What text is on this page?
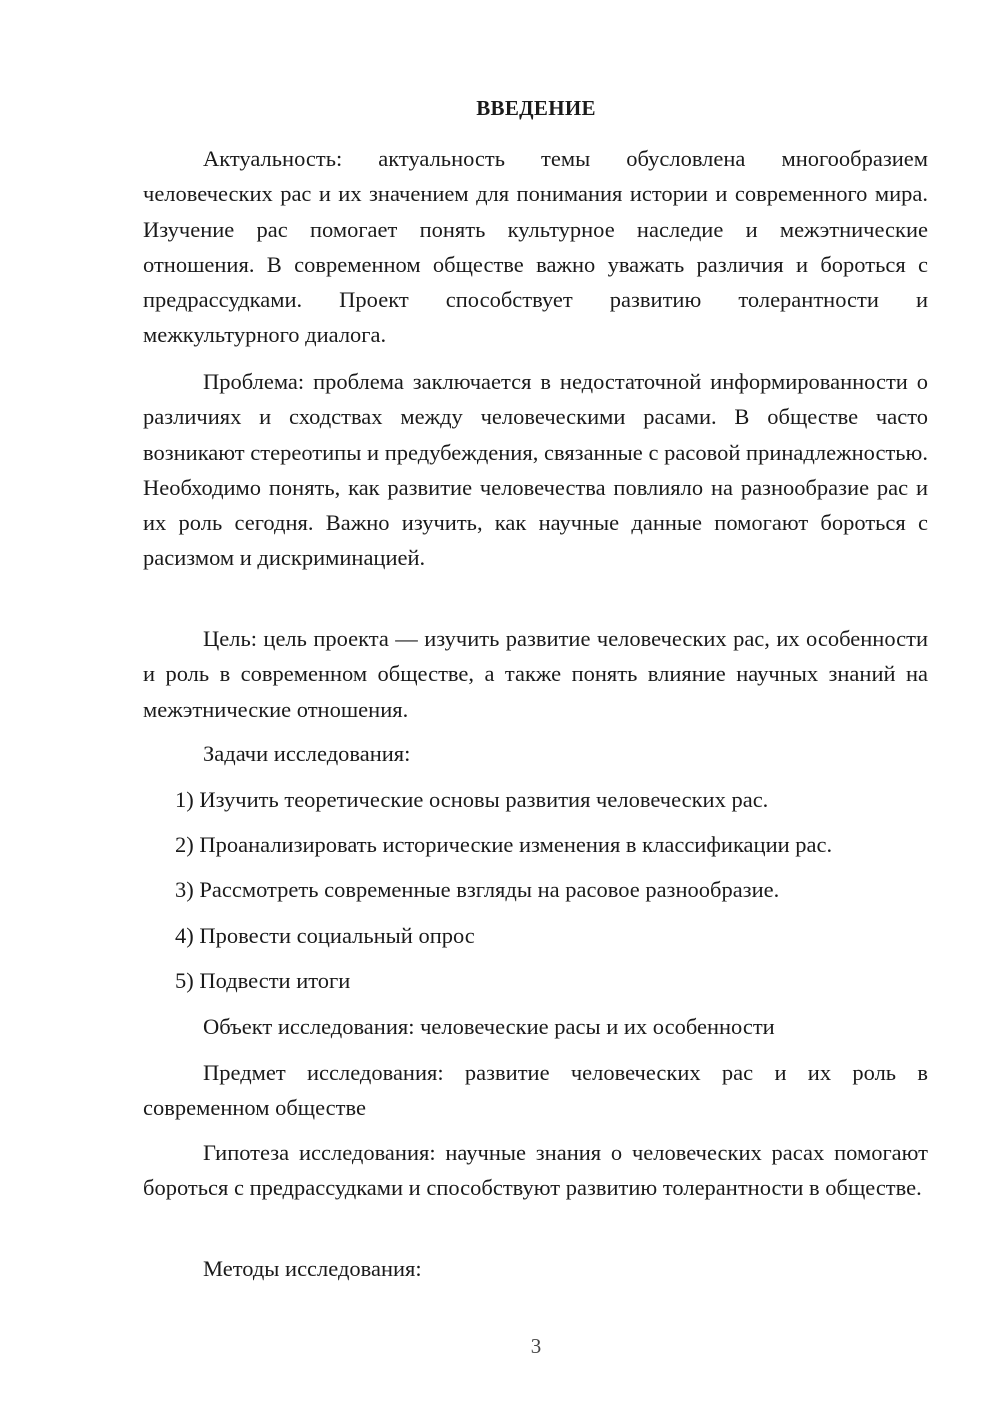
ВВЕДЕНИЕ

Актуальность: актуальность темы обусловлена многообразием человеческих рас и их значением для понимания истории и современного мира. Изучение рас помогает понять культурное наследие и межэтнические отношения. В современном обществе важно уважать различия и бороться с предрассудками. Проект способствует развитию толерантности и межкультурного диалога.

Проблема: проблема заключается в недостаточной информированности о различиях и сходствах между человеческими расами. В обществе часто возникают стереотипы и предубеждения, связанные с расовой принадлежностью. Необходимо понять, как развитие человечества повлияло на разнообразие рас и их роль сегодня. Важно изучить, как научные данные помогают бороться с расизмом и дискриминацией.

Цель: цель проекта — изучить развитие человеческих рас, их особенности и роль в современном обществе, а также понять влияние научных знаний на межэтнические отношения.

Задачи исследования:

1) Изучить теоретические основы развития человеческих рас.

2) Проанализировать исторические изменения в классификации рас.

3) Рассмотреть современные взгляды на расовое разнообразие.

4) Провести социальный опрос

5) Подвести итоги

Объект исследования: человеческие расы и их особенности

Предмет исследования: развитие человеческих рас и их роль в современном обществе

Гипотеза исследования: научные знания о человеческих расах помогают бороться с предрассудками и способствуют развитию толерантности в обществе.

Методы исследования:

3
